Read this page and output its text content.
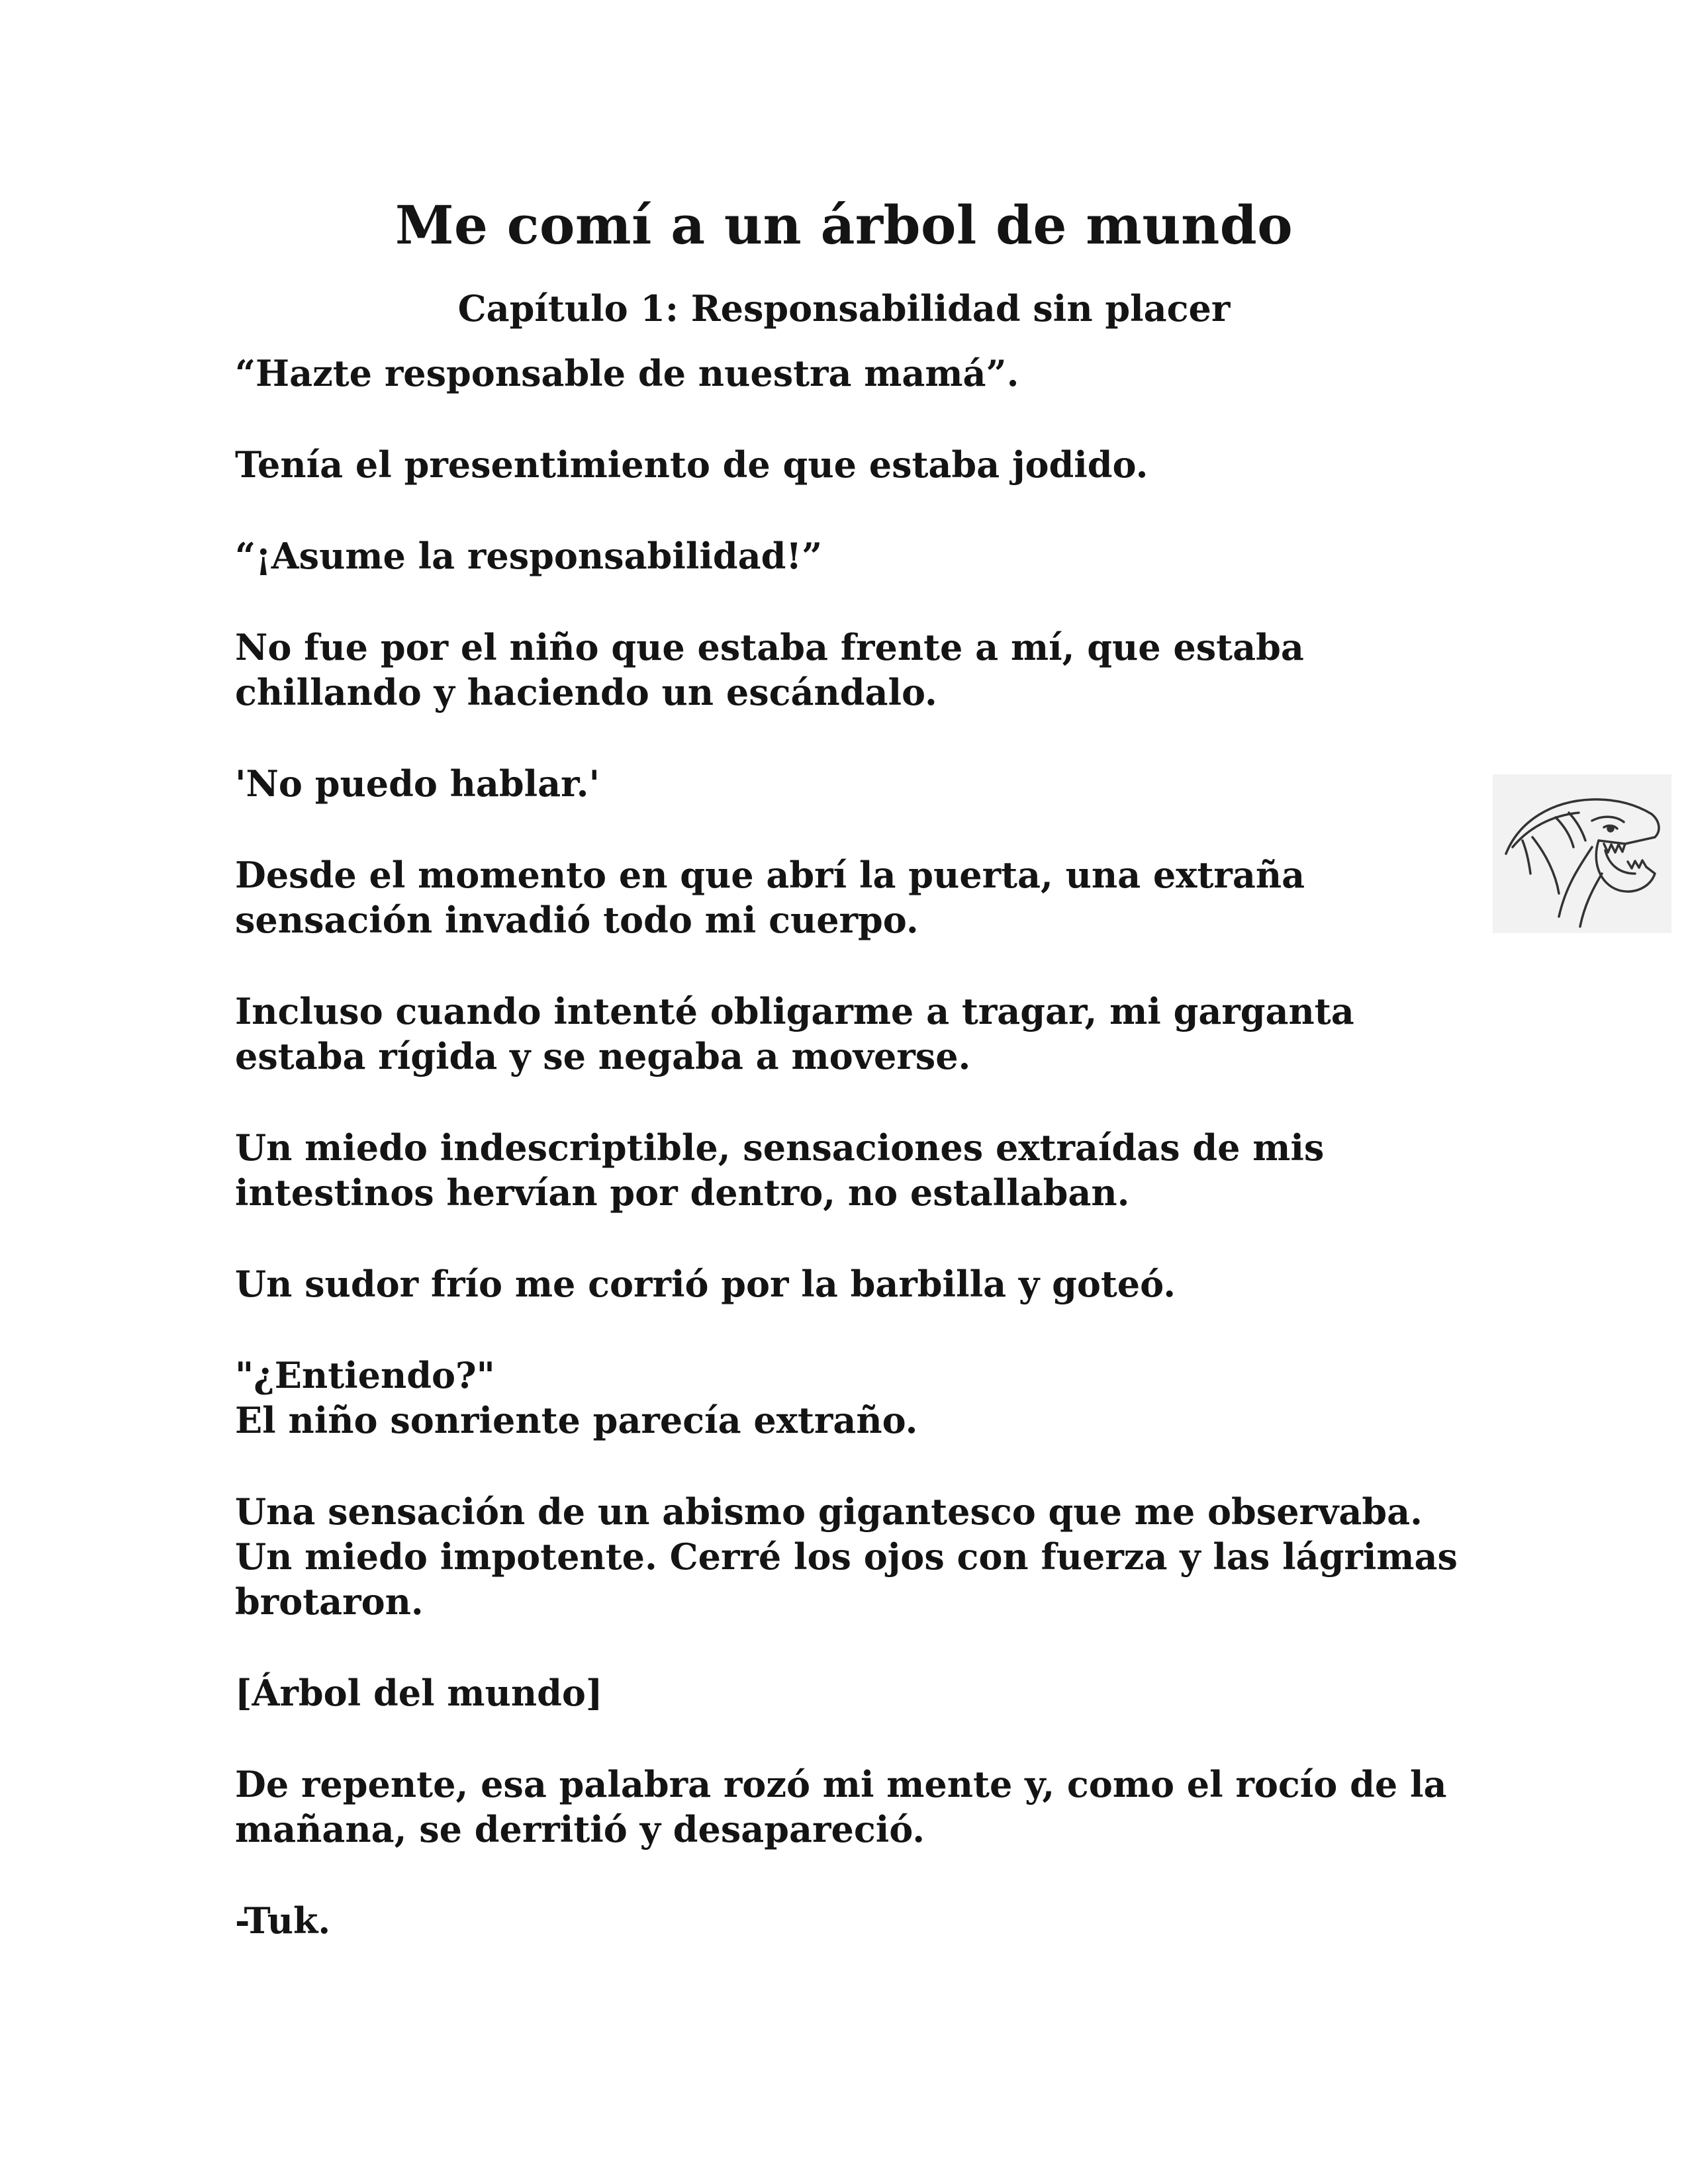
Me comí a un árbol de mundo
Capítulo 1: Responsabilidad sin placer

“Hazte responsable de nuestra mamá”.

Tenía el presentimiento de que estaba jodido.

“¡Asume la responsabilidad!”

No fue por el niño que estaba frente a mí, que estaba
chillando y haciendo un escándalo.

'No puedo hablar.'

Desde el momento en que abrí la puerta, una extraña
sensación invadió todo mi cuerpo.

Incluso cuando intenté obligarme a tragar, mi garganta
estaba rígida y se negaba a moverse.

Un miedo indescriptible, sensaciones extraídas de mis
intestinos hervían por dentro, no estallaban.

Un sudor frío me corrió por la barbilla y goteó.

"¿Entiendo?"
El niño sonriente parecía extraño.

Una sensación de un abismo gigantesco que me observaba.
Un miedo impotente. Cerré los ojos con fuerza y las lágrimas
brotaron.

[Árbol del mundo]

De repente, esa palabra rozó mi mente y, como el rocío de la
mañana, se derritió y desapareció.

-Tuk.
